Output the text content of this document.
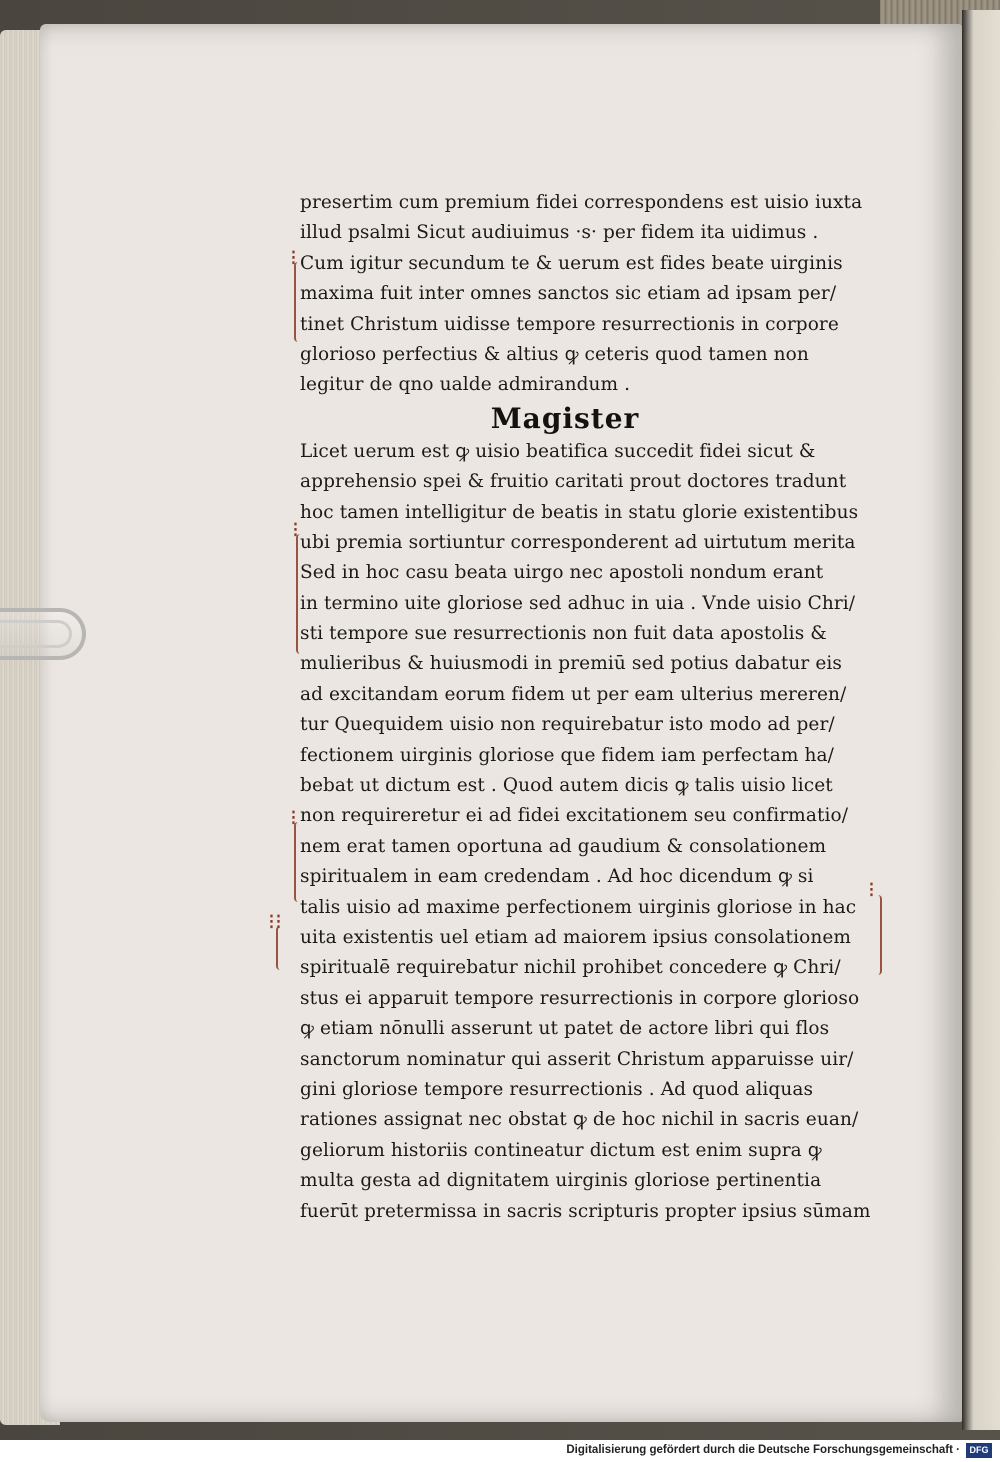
⁝
⁝
⁝
⁝⁝
⁝
presertim cum premium fidei correspondens est uisio iuxta
illud psalmi Sicut audiuimus ·s· per fidem ita uidimus .
Cum igitur secundum te & uerum est fides beate uirginis
maxima fuit inter omnes sanctos sic etiam ad ipsam per/
tinet Christum uidisse tempore resurrectionis in corpore
glorioso perfectius & altius ꝙ ceteris quod tamen non
legitur de qno ualde admirandum .
Magister
Licet uerum est ꝙ uisio beatifica succedit fidei sicut &
apprehensio spei & fruitio caritati prout doctores tradunt
hoc tamen intelligitur de beatis in statu glorie existentibus
ubi premia sortiuntur corresponderent ad uirtutum merita
Sed in hoc casu beata uirgo nec apostoli nondum erant
in termino uite gloriose sed adhuc in uia . Vnde uisio Chri/
sti tempore sue resurrectionis non fuit data apostolis &
mulieribus & huiusmodi in premiū sed potius dabatur eis
ad excitandam eorum fidem ut per eam ulterius mereren/
tur Quequidem uisio non requirebatur isto modo ad per/
fectionem uirginis gloriose que fidem iam perfectam ha/
bebat ut dictum est . Quod autem dicis ꝙ talis uisio licet
non requireretur ei ad fidei excitationem seu confirmatio/
nem erat tamen oportuna ad gaudium & consolationem
spiritualem in eam credendam . Ad hoc dicendum ꝙ si
talis uisio ad maxime perfectionem uirginis gloriose in hac
uita existentis uel etiam ad maiorem ipsius consolationem
spiritualē requirebatur nichil prohibet concedere ꝙ Chri/
stus ei apparuit tempore resurrectionis in corpore glorioso
ꝙ etiam nōnulli asserunt ut patet de actore libri qui flos
sanctorum nominatur qui asserit Christum apparuisse uir/
gini gloriose tempore resurrectionis . Ad quod aliquas
rationes assignat nec obstat ꝙ de hoc nichil in sacris euan/
geliorum historiis contineatur dictum est enim supra ꝙ
multa gesta ad dignitatem uirginis gloriose pertinentia
fuerūt pretermissa in sacris scripturis propter ipsius sūmam
Digitalisierung gefördert durch die Deutsche Forschungsgemeinschaft ·	DFG
